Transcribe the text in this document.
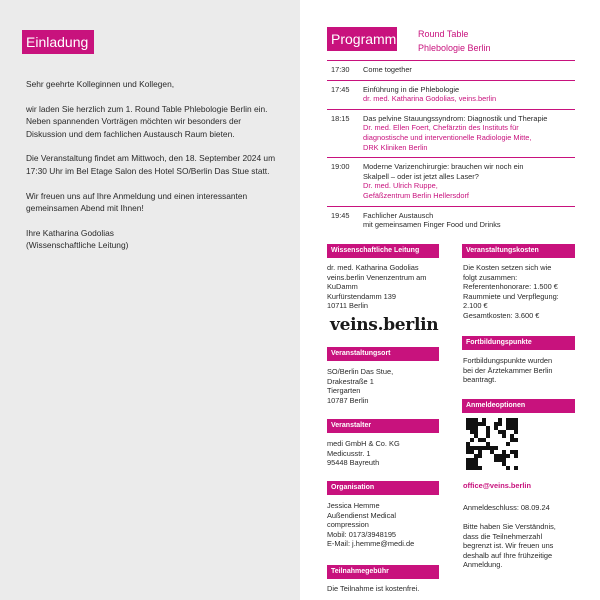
Einladung

Sehr geehrte Kolleginnen und Kollegen,

wir laden Sie herzlich zum 1. Round Table Phlebologie Berlin ein. Neben spannenden Vorträgen möchten wir besonders der Diskussion und dem fachlichen Austausch Raum bieten.

Die Veranstaltung findet am Mittwoch, den 18. September 2024 um 17:30 Uhr im Bel Etage Salon des Hotel SO/Berlin Das Stue statt.

Wir freuen uns auf Ihre Anmeldung und einen interessanten gemeinsamen Abend mit Ihnen!

Ihre Katharina Godolias (Wissenschaftliche Leitung)

Programm Round Table
Phlebologie Berlin
17:30	Come together
17:45	Einführung in die Phlebologie
dr. med. Katharina Godolias, veins.berlin
18:15	Das pelvine Stauungssyndrom: Diagnostik und Therapie
Dr. med. Ellen Foert, Chefärztin des Instituts für
diagnostische und interventionelle Radiologie Mitte,
DRK Kliniken Berlin
19:00	Moderne Varizenchirurgie: brauchen wir noch ein
Skalpell – oder ist jetzt alles Laser?
Dr. med. Ulrich Ruppe,
Gefäßzentrum Berlin Hellersdorf
19:45	Fachlicher Austausch
mit gemeinsamen Finger Food und Drinks
Wissenschaftliche Leitung
dr. med. Katharina Godolias
veins.berlin Venenzentrum am
KuDamm
Kurfürstendamm 139
10711 Berlin
veins.berlin
Veranstaltungsort
SO/Berlin Das Stue,
Drakestraße 1
Tiergarten
10787 Berlin
Veranstalter
medi GmbH & Co. KG
Medicusstr. 1
95448 Bayreuth
Organisation
Jessica Hemme
Außendienst Medical
compression
Mobil: 0173/3948195
E-Mail: j.hemme@medi.de
Teilnahmegebühr
Die Teilnahme ist kostenfrei.
Veranstaltungskosten
Die Kosten setzen sich wie
folgt zusammen:
Referentenhonorare: 1.500 €
Raummiete und Verpflegung:
2.100 €
Gesamtkosten: 3.600 €
Fortbildungspunkte
Fortbildungspunkte wurden
bei der Ärztekammer Berlin
beantragt.
Anmeldeoptionen
office@veins.berlin
Anmeldeschluss: 08.09.24
Bitte haben Sie Verständnis,
dass die Teilnehmerzahl
begrenzt ist. Wir freuen uns
deshalb auf Ihre frühzeitige
Anmeldung.
